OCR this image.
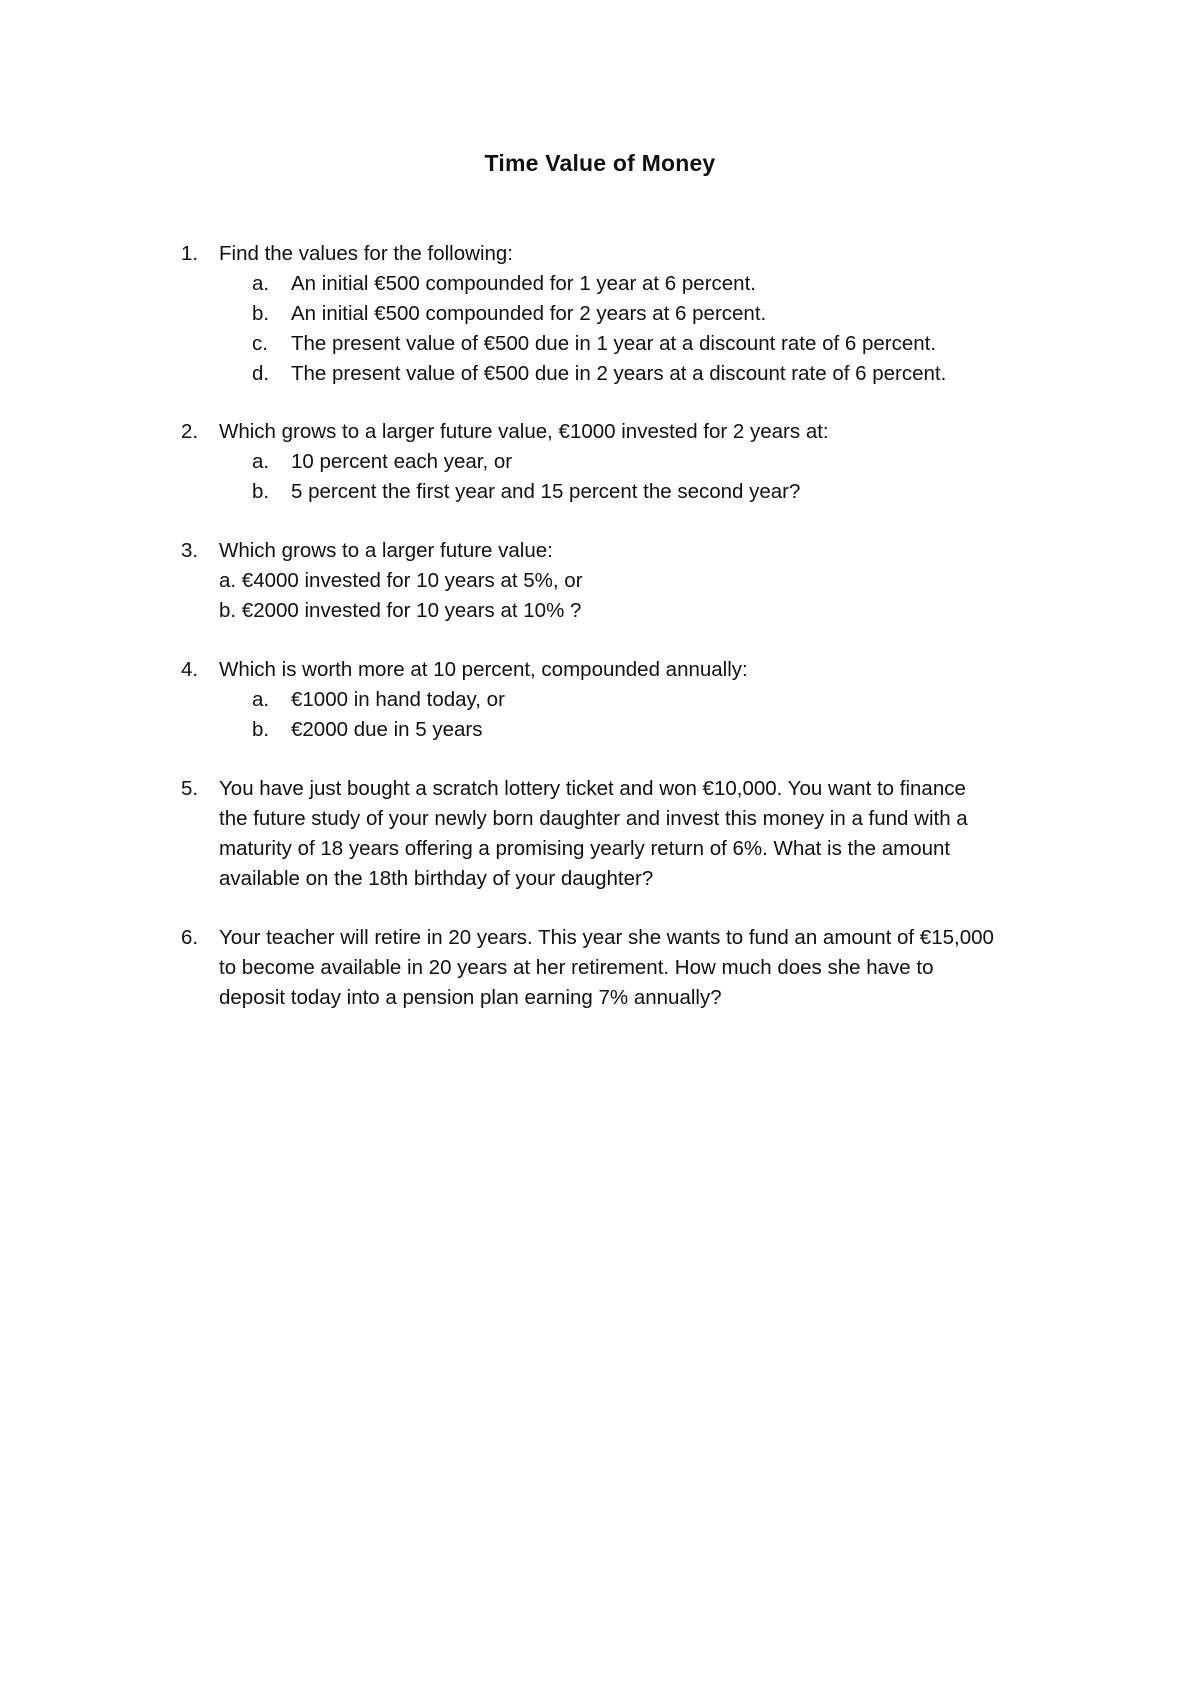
Time Value of Money
1. Find the values for the following:
a. An initial €500 compounded for 1 year at 6 percent.
b. An initial €500 compounded for 2 years at 6 percent.
c. The present value of €500 due in 1 year at a discount rate of 6 percent.
d. The present value of €500 due in 2 years at a discount rate of 6 percent.
2. Which grows to a larger future value, €1000 invested for 2 years at:
a. 10 percent each year, or
b. 5 percent the first year and 15 percent the second year?
3. Which grows to a larger future value:
a. €4000 invested for 10 years at 5%, or
b. €2000 invested for 10 years at 10% ?
4. Which is worth more at 10 percent, compounded annually:
a. €1000 in hand today, or
b. €2000 due in 5 years
5. You have just bought a scratch lottery ticket and won €10,000. You want to finance
the future study of your newly born daughter and invest this money in a fund with a
maturity of 18 years offering a promising yearly return of 6%. What is the amount
available on the 18th birthday of your daughter?
6. Your teacher will retire in 20 years. This year she wants to fund an amount of €15,000
to become available in 20 years at her retirement. How much does she have to
deposit today into a pension plan earning 7% annually?
